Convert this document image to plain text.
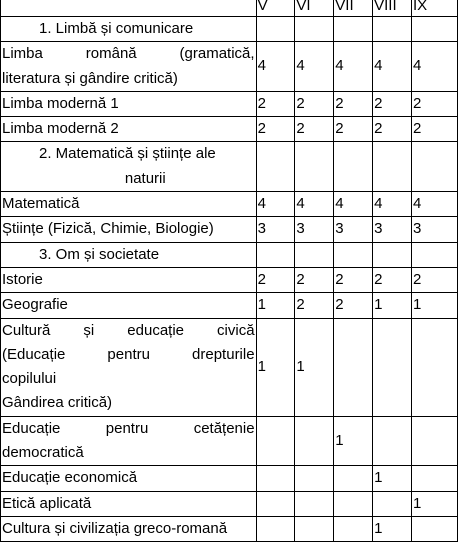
	V	VI	VII	VIII	IX
1. Limbă și comunicare					

Limba română (gramatică,
literatura și gândire critică)	4	4	4	4	4

Limba modernă 1	2	2	2	2	2

Limba modernă 2	2	2	2	2	2

2. Matematică și științe ale
naturii					

Matematică	4	4	4	4	4

Științe (Fizică, Chimie, Biologie)	3	3	3	3	3
3. Om și societate					

Istorie	2	2	2	2	2

Geografie	1	2	2	1	1

Cultură și educație civică
(Educație pentru drepturile
copilului
Gândirea critică)	1	1			

Educație pentru cetățenie
democratică			1		

Educație economică				1	

Etică aplicată					1

Cultura și civilizația greco-romană				1	
